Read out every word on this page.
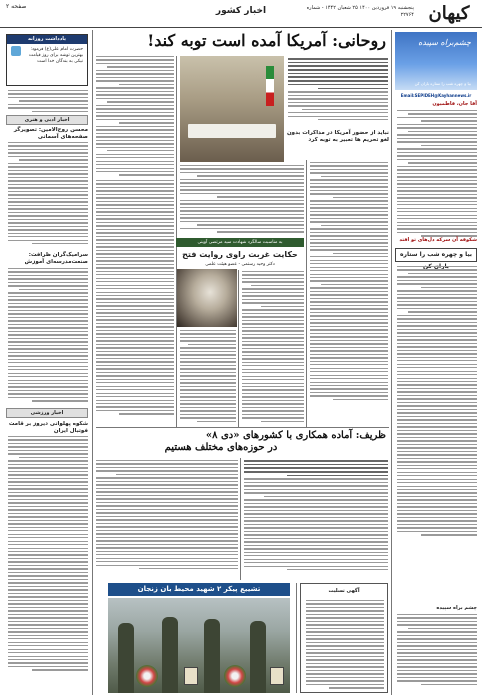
کیهان
پنجشنبه ۱۹ فروردین ۱۴۰۰ ۲۵ شعبان ۱۴۴۲ - شماره ۲۲۷۶۴
اخبار کشور
صفحه ۲
روحانی: آمریکا آمده است توبه کند!
نباید از حضور آمریکا در مذاکرات بدون لغو تحریم ها تعبیر به توبه کرد
به مناسبت سالگرد شهادت سید مرتضی آوینی
حکایت غربت راوی روایت فتح
دکتر وحید رستمی - عضو هیئت علمی
ظریف: آماده همکاری با کشورهای «دی ۸»
در حوزه‌های مختلف هستیم
تشییع پیکر ۲ شهید محیط بان زنجان	آگهی تسلیت
چشم‌براه سپیده
بیا و چهره شب را ستاره باران کن
Email:SEPIDEH@Kayhannews.ir
آقا جان، فاطمیون
شکوفه آن سرکه دل‌های تو افتد
بیا و چهره شب را ستاره
چشم براه سپیده
یادداشت روزانه
حضرت امام علی(ع) فرمود: بهترین توشه برای روز قیامت نیکی به بندگان خدا است
اخبار ادبی و هنری
محسن روح‌الامین: تصویرگر صفحه‌های آسمانی
سرامیک‌گران ظرافت: صنعت‌مدرسه‌ای آموزش
اخبار ورزشی
شکوه پهلوانی دیروز بر قامت فوتبال ایران
